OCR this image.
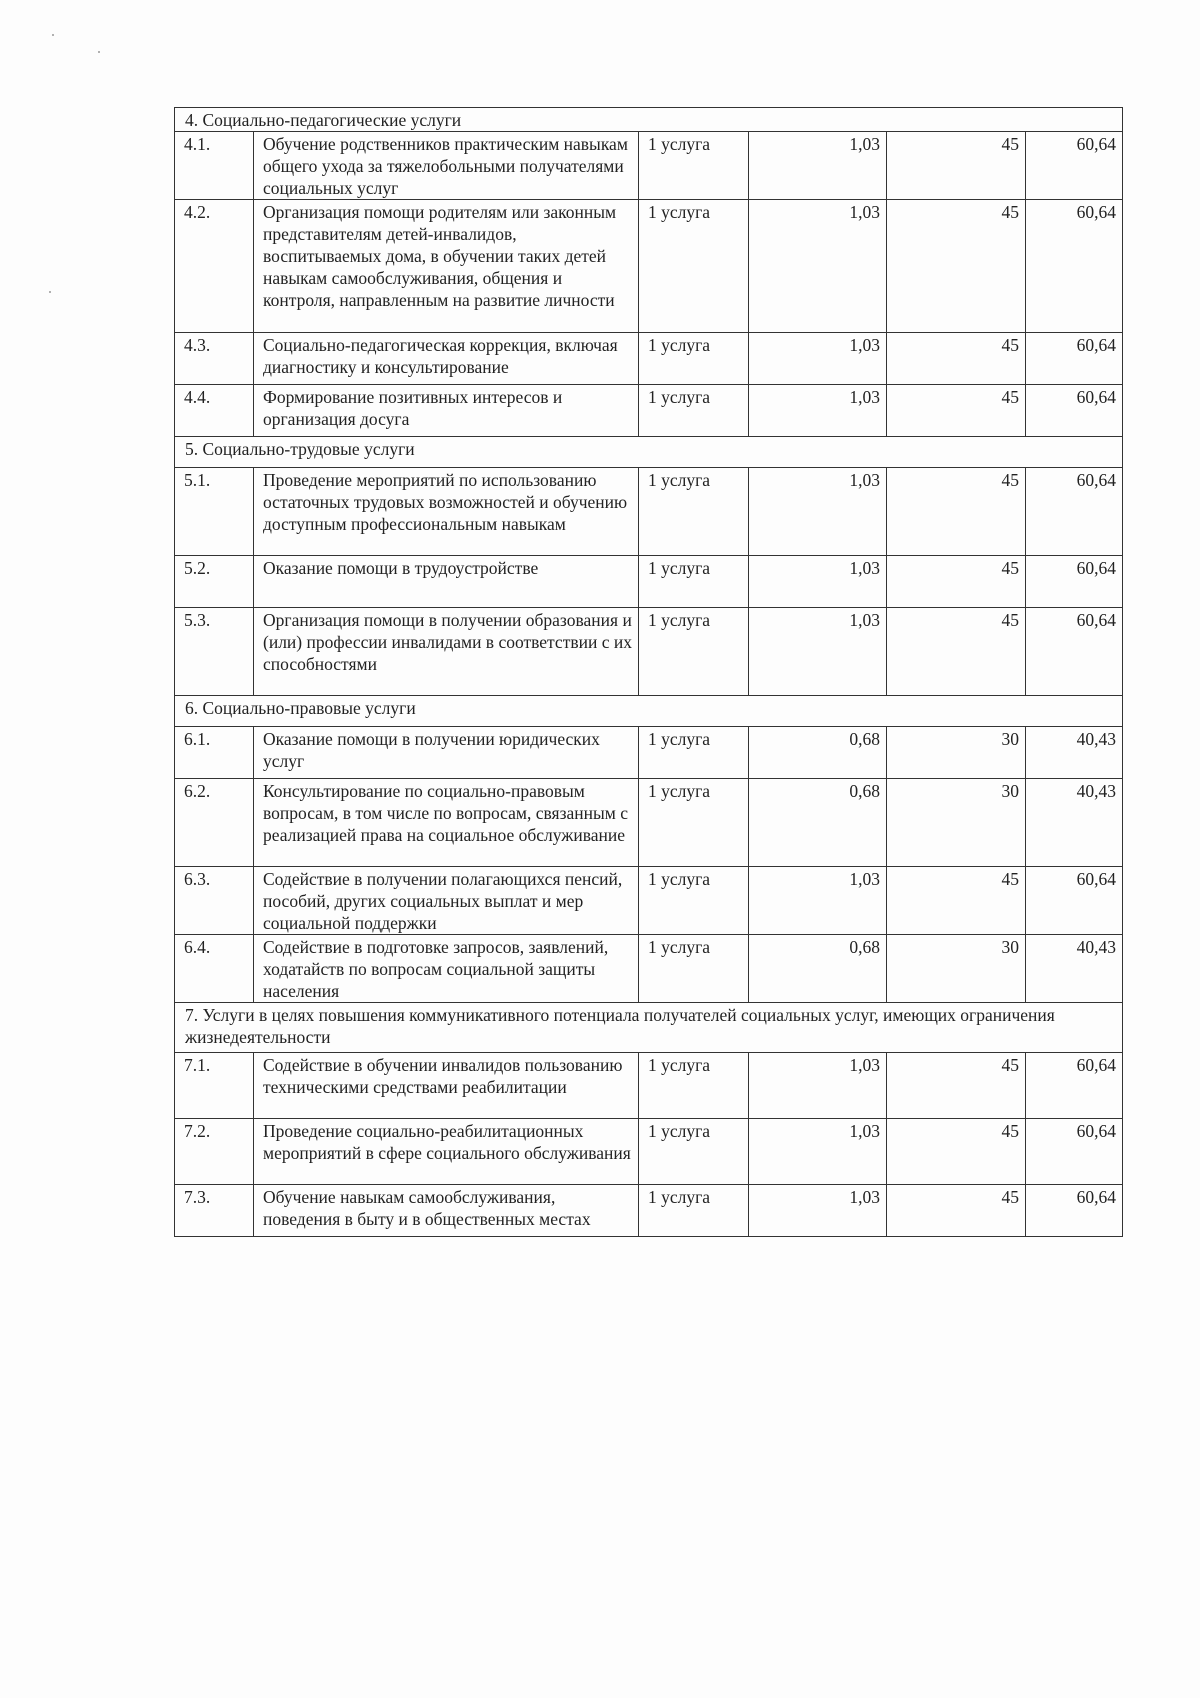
4. Социально-педагогические услуги					
4.1.	Обучение родственников практическим навыкам общего ухода за тяжелобольными получателями социальных услуг	1 услуга	1,03	45	60,64
4.2.	Организация помощи родителям или законным представителям детей-инвалидов, воспитываемых дома, в обучении таких детей навыкам самообслуживания, общения и контроля, направленным на развитие личности	1 услуга	1,03	45	60,64
4.3.	Социально-педагогическая коррекция, включая диагностику и консультирование	1 услуга	1,03	45	60,64
4.4.	Формирование позитивных интересов и организация досуга	1 услуга	1,03	45	60,64
5. Социально-трудовые услуги					
5.1.	Проведение мероприятий по использованию остаточных трудовых возможностей и обучению доступным профессиональным навыкам	1 услуга	1,03	45	60,64
5.2.	Оказание помощи в трудоустройстве	1 услуга	1,03	45	60,64
5.3.	Организация помощи в получении образования и (или) профессии инвалидами в соответствии с их способностями	1 услуга	1,03	45	60,64
6. Социально-правовые услуги					
6.1.	Оказание помощи в получении юридических услуг	1 услуга	0,68	30	40,43
6.2.	Консультирование по социально-правовым вопросам, в том числе по вопросам, связанным с реализацией права на социальное обслуживание	1 услуга	0,68	30	40,43
6.3.	Содействие в получении полагающихся пенсий, пособий, других социальных выплат и мер социальной поддержки	1 услуга	1,03	45	60,64
6.4.	Содействие в подготовке запросов, заявлений, ходатайств по вопросам социальной защиты населения	1 услуга	0,68	30	40,43
7. Услуги в целях повышения коммуникативного потенциала получателей социальных услуг, имеющих ограничения жизнедеятельности					
7.1.	Содействие в обучении инвалидов пользованию техническими средствами реабилитации	1 услуга	1,03	45	60,64
7.2.	Проведение социально-реабилитационных мероприятий в сфере социального обслуживания	1 услуга	1,03	45	60,64
7.3.	Обучение навыкам самообслуживания, поведения в быту и в общественных местах	1 услуга	1,03	45	60,64
